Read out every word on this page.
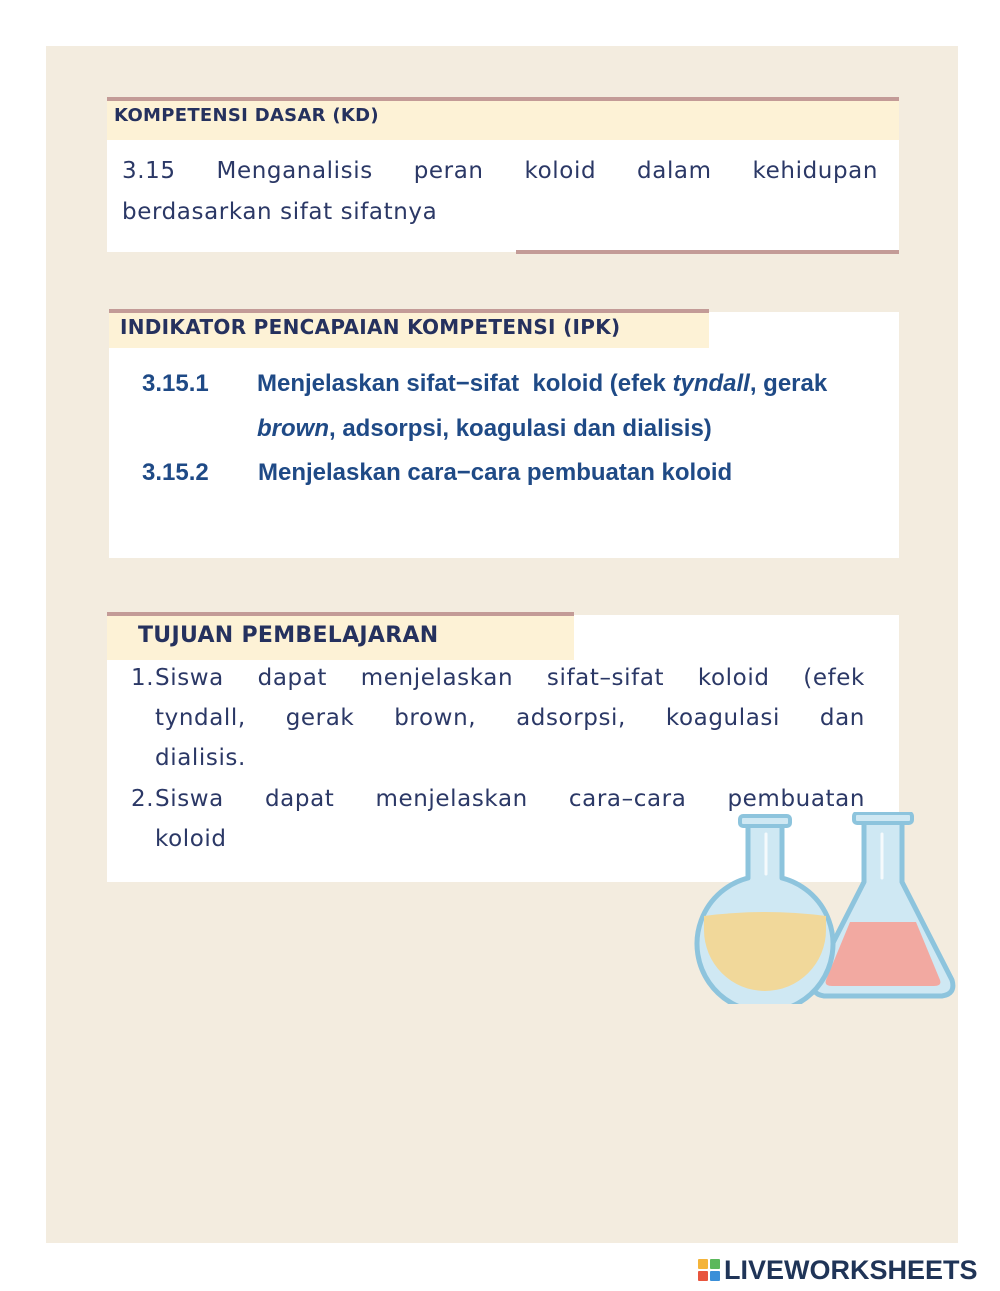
KOMPETENSI DASAR (KD)
3.15 Menganalisis peran koloid dalam kehidupan
berdasarkan sifat sifatnya
INDIKATOR PENCAPAIAN KOMPETENSI (IPK)
3.15.1 Menjelaskan sifat−sifat  koloid (efek tyndall, gerak
brown, adsorpsi, koagulasi dan dialisis)
3.15.2 Menjelaskan cara−cara pembuatan koloid
TUJUAN PEMBELAJARAN
1. Siswa dapat menjelaskan sifat–sifat koloid (efek
tyndall, gerak brown, adsorpsi, koagulasi dan
dialisis.
2. Siswa dapat menjelaskan cara–cara pembuatan
koloid
LIVEWORKSHEETS
